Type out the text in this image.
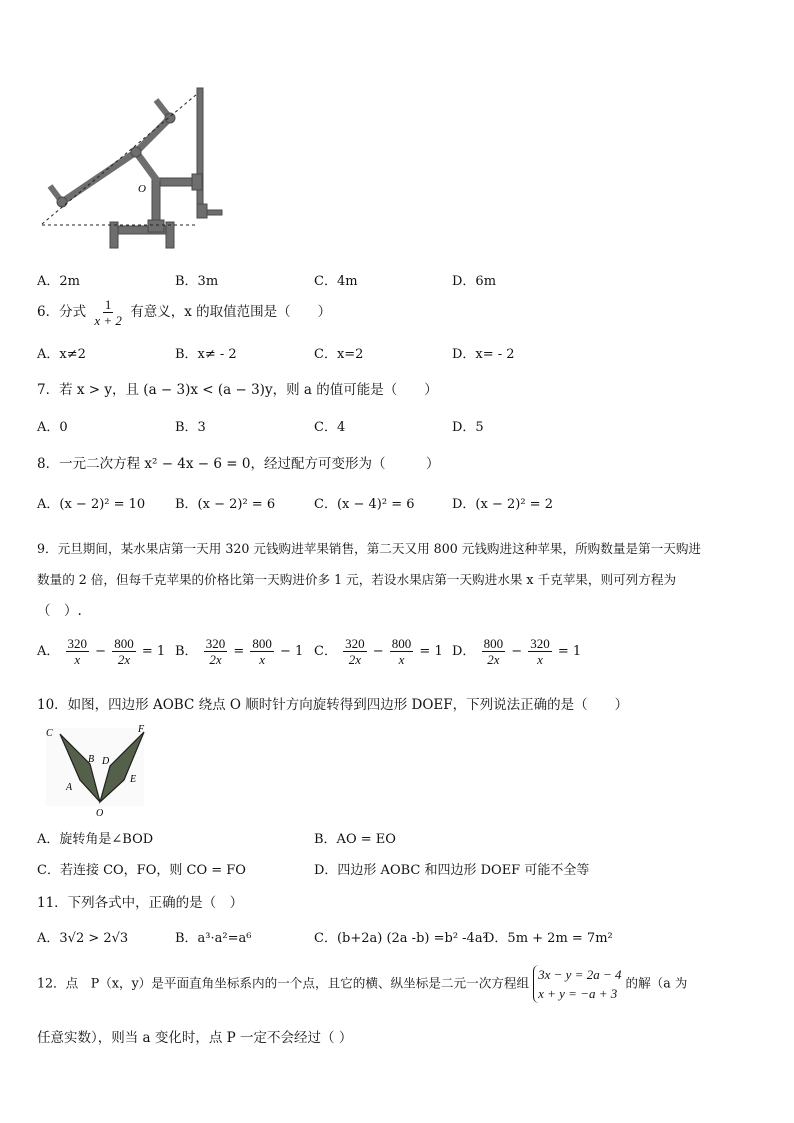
O
A．2m	B．3m	C．4m	D．6m
6．分式 $\frac{1}{x + 2}$ 有意义，x 的取值范围是（　　）
A．x≠2	B．x≠ - 2	C．x=2	D．x= - 2
7．若 x > y，且 (a − 3)x < (a − 3)y，则 a 的值可能是（　　）
A．0	B．3	C．4	D．5
8．一元二次方程 x² − 4x − 6 = 0，经过配方可变形为（　　　）
A．(x − 2)² = 10 B．(x − 2)² = 6	C．(x − 4)² = 6	D．(x − 2)² = 2
9．元旦期间，某水果店第一天用 320 元钱购进苹果销售，第二天又用 800 元钱购进这种苹果，所购数量是第一天购进
数量的 2 倍，但每千克苹果的价格比第一天购进价多 1 元，若设水果店第一天购进水果 x 千克苹果，则可列方程为
（　）.
A． $\frac{320}{x} - \frac{800}{2x} = 1$ B． $\frac{320}{2x} = \frac{800}{x} - 1$ C． $\frac{320}{2x} - \frac{800}{x} = 1$ D． $\frac{800}{2x} - \frac{320}{x} = 1$
10．如图，四边形 AOBC 绕点 O 顺时针方向旋转得到四边形 DOEF，下列说法正确的是（　　）
C
B
A
D
F
E
O
A．旋转角是∠BOD	B．AO = EO
C．若连接 CO，FO，则 CO = FO	D．四边形 AOBC 和四边形 DOEF 可能不全等
11．下列各式中，正确的是（　）
A．3√2 > 2√3	B．a³·a²=a⁶	C．(b+2a) (2a -b) =b² -4a²
D．5m + 2m = 7m²
12．点　P（x，y）是平面直角坐标系内的一个点，且它的横、纵坐标是二元一次方程组
3x − y = 2a − 4
x + y = −a + 3
的解（a 为
任意实数），则当 a 变化时，点 P 一定不会经过（ ）
